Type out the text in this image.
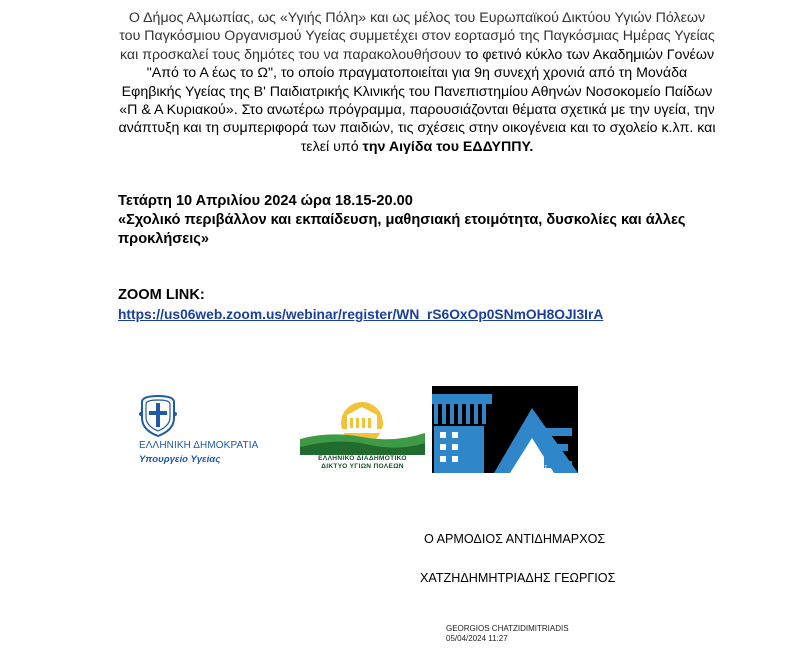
Ο Δήμος Αλμωπίας, ως «Υγιής Πόλη» και ως μέλος του Ευρωπαϊκού Δικτύου Υγιών Πόλεων του Παγκόσμιου Οργανισμού Υγείας συμμετέχει στον εορτασμό της Παγκόσμιας Ημέρας Υγείας και προσκαλεί τους δημότες του να παρακολουθήσουν το φετινό κύκλο των Ακαδημιών Γονέων "Από το Α έως το Ω", το οποίο πραγματοποιείται για 9η συνεχή χρονιά από τη Μονάδα Εφηβικής Υγείας της Β' Παιδιατρικής Κλινικής του Πανεπιστημίου Αθηνών Νοσοκομείο Παίδων «Π & Α Κυριακού». Στο ανωτέρω πρόγραμμα, παρουσιάζονται θέματα σχετικά με την υγεία, την ανάπτυξη και τη συμπεριφορά των παιδιών, τις σχέσεις στην οικογένεια και το σχολείο κ.λπ. και τελεί υπό την Αιγίδα του ΕΔΔΥΠΠΥ.
Τετάρτη 10 Απριλίου 2024 ώρα 18.15-20.00
«Σχολικό περιβάλλον και εκπαίδευση, μαθησιακή ετοιμότητα, δυσκολίες και άλλες προκλήσεις»
ZOOM LINK:
https://us06web.zoom.us/webinar/register/WN_rS6OxOp0SNmOH8OJI3IrA
ΕΛΛΗΝΙΚΗ ΔΗΜΟΚΡΑΤΙΑ
Υπουργείο Υγείας	ΕΛΛΗΝΙΚΟ ΔΙΑΔΗΜΟΤΙΚΟ
ΔΙΚΤΥΟ ΥΓΙΩΝ ΠΟΛΕΩΝ	ΑΤΤΙΚΗΣ
Ο ΑΡΜΟΔΙΟΣ ΑΝΤΙΔΗΜΑΡΧΟΣ
ΧΑΤΖΗΔΗΜΗΤΡΙΑΔΗΣ ΓΕΩΡΓΙΟΣ
GEORGIOS CHATZIDIMITRIADIS
05/04/2024 11:27
